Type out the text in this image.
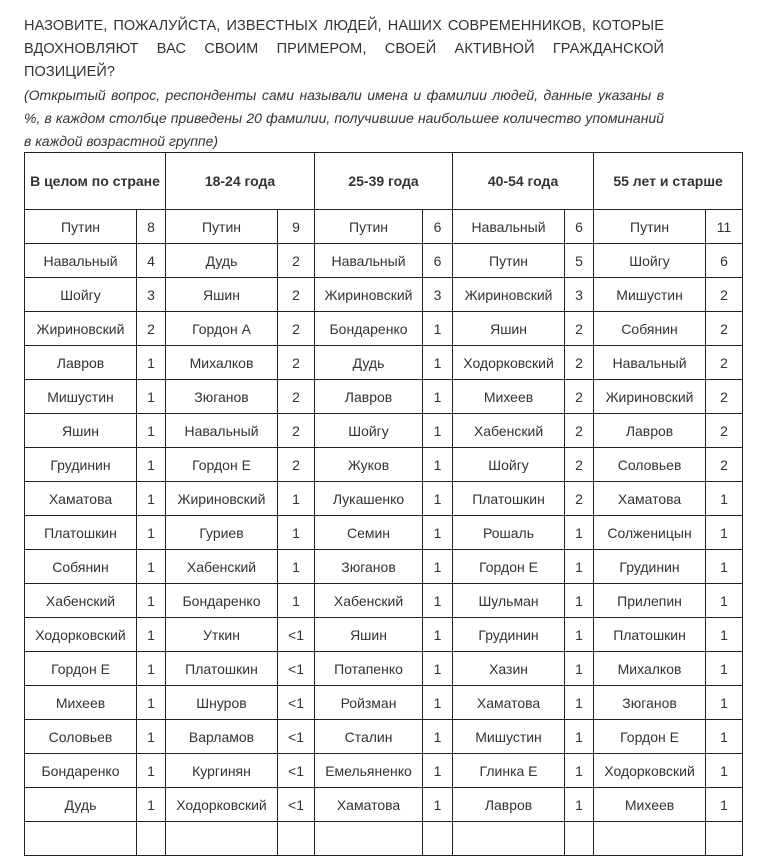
НАЗОВИТЕ, ПОЖАЛУЙСТА, ИЗВЕСТНЫХ ЛЮДЕЙ, НАШИХ СОВРЕМЕННИКОВ, КОТОРЫЕ ВДОХНОВЛЯЮТ ВАС СВОИМ ПРИМЕРОМ, СВОЕЙ АКТИВНОЙ ГРАЖДАНСКОЙ ПОЗИЦИЕЙ?

(Открытый вопрос, респонденты сами называли имена и фамилии людей, данные указаны в %, в каждом столбце приведены 20 фамилии, получившие наибольшее количество упоминаний в каждой возрастной группе)

В целом по стране		18-24 года		25-39 года		40-54 года		55 лет и старше	
Путин	8	Путин	9	Путин	6	Навальный	6	Путин	11
Навальный	4	Дудь	2	Навальный	6	Путин	5	Шойгу	6
Шойгу	3	Яшин	2	Жириновский	3	Жириновский	3	Мишустин	2
Жириновский	2	Гордон А	2	Бондаренко	1	Яшин	2	Собянин	2
Лавров	1	Михалков	2	Дудь	1	Ходорковский	2	Навальный	2
Мишустин	1	Зюганов	2	Лавров	1	Михеев	2	Жириновский	2
Яшин	1	Навальный	2	Шойгу	1	Хабенский	2	Лавров	2
Грудинин	1	Гордон Е	2	Жуков	1	Шойгу	2	Соловьев	2
Хаматова	1	Жириновский	1	Лукашенко	1	Платошкин	2	Хаматова	1
Платошкин	1	Гуриев	1	Семин	1	Рошаль	1	Солженицын	1
Собянин	1	Хабенский	1	Зюганов	1	Гордон Е	1	Грудинин	1
Хабенский	1	Бондаренко	1	Хабенский	1	Шульман	1	Прилепин	1
Ходорковский	1	Уткин	<1	Яшин	1	Грудинин	1	Платошкин	1
Гордон Е	1	Платошкин	<1	Потапенко	1	Хазин	1	Михалков	1
Михеев	1	Шнуров	<1	Ройзман	1	Хаматова	1	Зюганов	1
Соловьев	1	Варламов	<1	Сталин	1	Мишустин	1	Гордон Е	1
Бондаренко	1	Кургинян	<1	Емельяненко	1	Глинка Е	1	Ходорковский	1
Дудь	1	Ходорковский	<1	Хаматова	1	Лавров	1	Михеев	1
